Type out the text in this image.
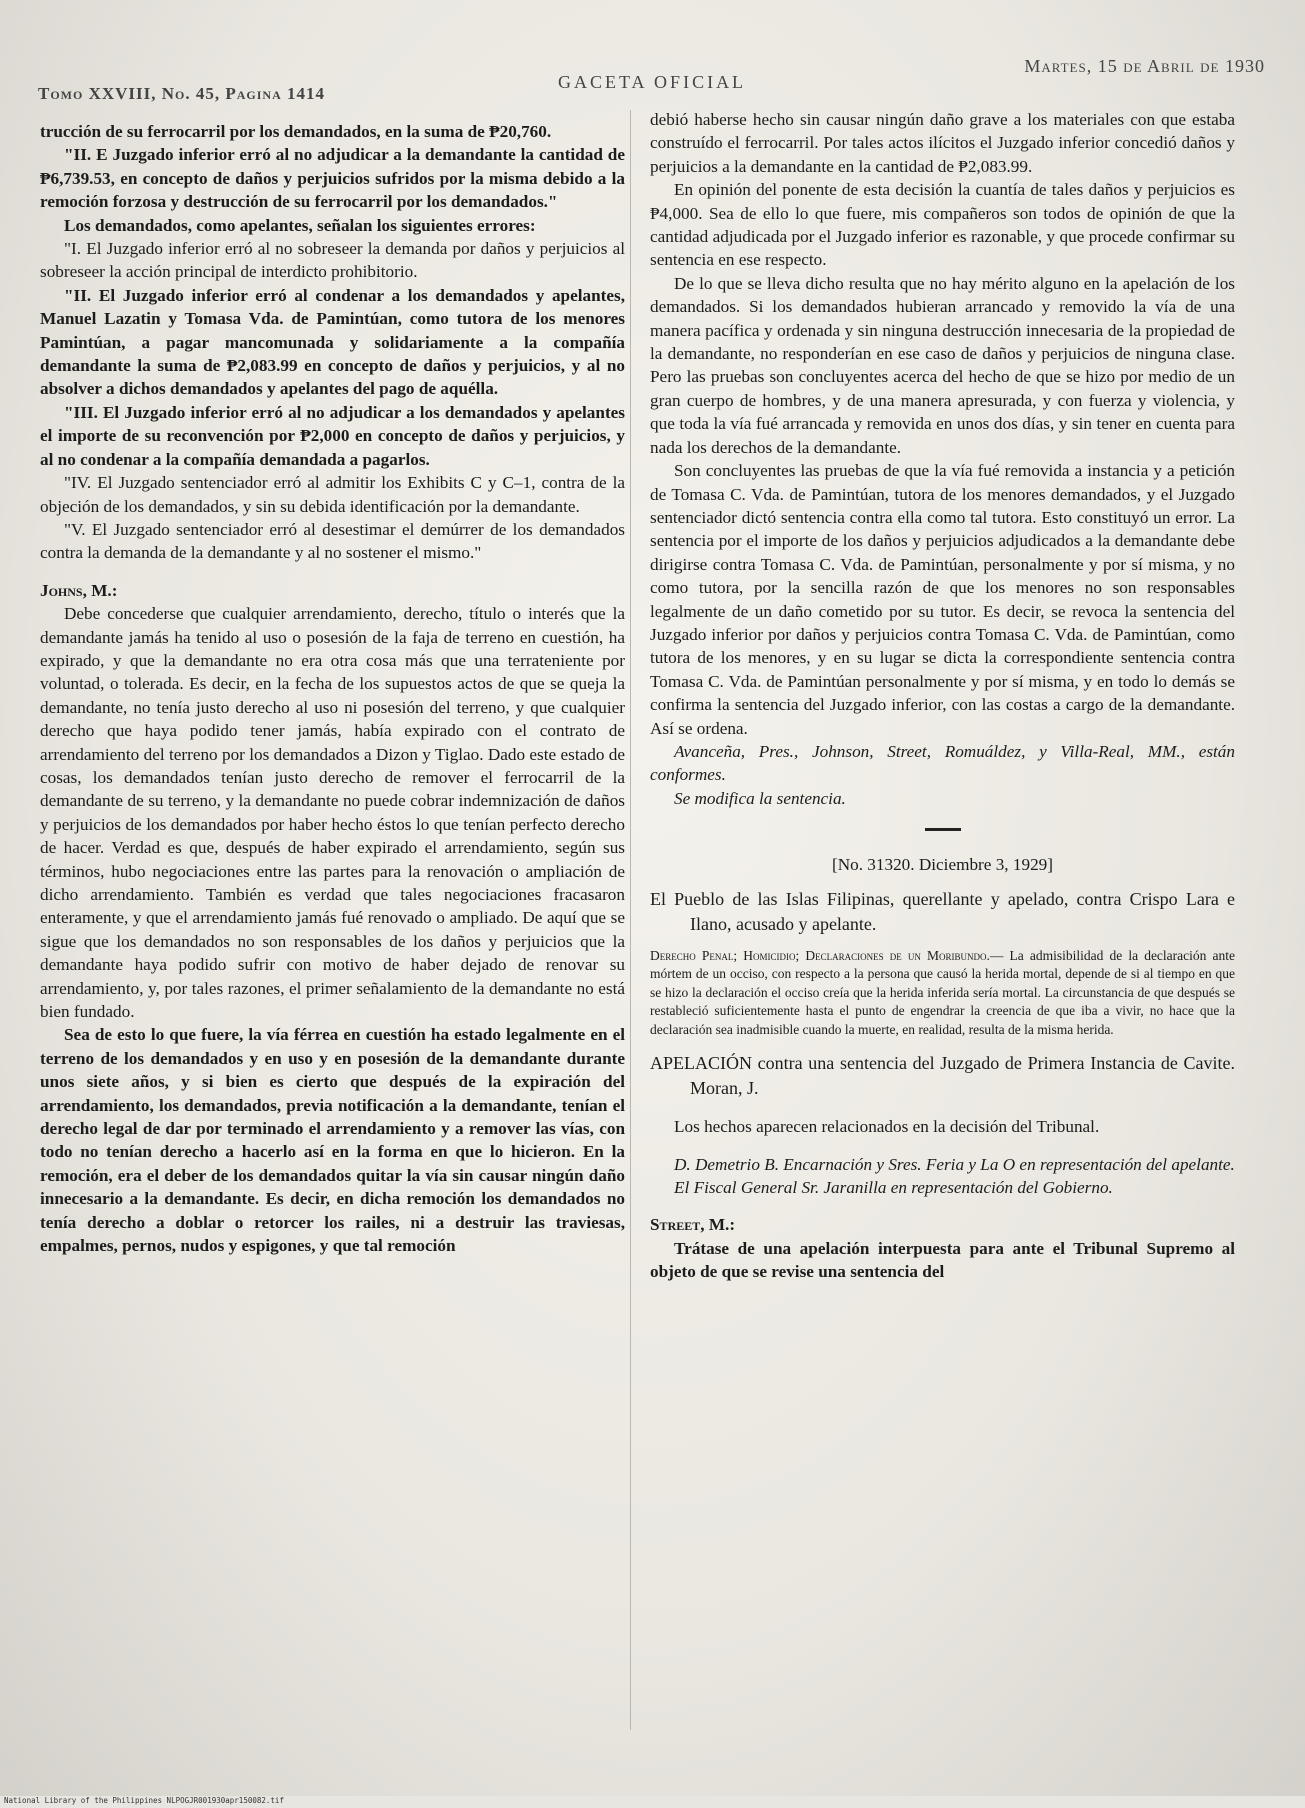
Tomo XXVIII, No. 45, Pagina 1414
GACETA OFICIAL
Martes, 15 de Abril de 1930

trucción de su ferrocarril por los demandados, en la suma de ₱20,760.

"II. E Juzgado inferior erró al no adjudicar a la demandante la cantidad de ₱6,739.53, en concepto de daños y perjuicios sufridos por la misma debido a la remoción forzosa y destrucción de su ferrocarril por los demandados."

Los demandados, como apelantes, señalan los siguientes errores:

"I. El Juzgado inferior erró al no sobreseer la demanda por daños y perjuicios al sobreseer la acción principal de interdicto prohibitorio.

"II. El Juzgado inferior erró al condenar a los demandados y apelantes, Manuel Lazatin y Tomasa Vda. de Pamintúan, como tutora de los menores Pamintúan, a pagar mancomunada y solidariamente a la compañía demandante la suma de ₱2,083.99 en concepto de daños y perjuicios, y al no absolver a dichos demandados y apelantes del pago de aquélla.

"III. El Juzgado inferior erró al no adjudicar a los demandados y apelantes el importe de su reconvención por ₱2,000 en concepto de daños y perjuicios, y al no condenar a la compañía demandada a pagarlos.

"IV. El Juzgado sentenciador erró al admitir los Exhibits C y C–1, contra de la objeción de los demandados, y sin su debida identificación por la demandante.

"V. El Juzgado sentenciador erró al desestimar el demúrrer de los demandados contra la demanda de la demandante y al no sostener el mismo."

Johns, M.:

Debe concederse que cualquier arrendamiento, derecho, título o interés que la demandante jamás ha tenido al uso o posesión de la faja de terreno en cuestión, ha expirado, y que la demandante no era otra cosa más que una terrateniente por voluntad, o tolerada. Es decir, en la fecha de los supuestos actos de que se queja la demandante, no tenía justo derecho al uso ni posesión del terreno, y que cualquier derecho que haya podido tener jamás, había expirado con el contrato de arrendamiento del terreno por los demandados a Dizon y Tiglao. Dado este estado de cosas, los demandados tenían justo derecho de remover el ferrocarril de la demandante de su terreno, y la demandante no puede cobrar indemnización de daños y perjuicios de los demandados por haber hecho éstos lo que tenían perfecto derecho de hacer. Verdad es que, después de haber expirado el arrendamiento, según sus términos, hubo negociaciones entre las partes para la renovación o ampliación de dicho arrendamiento. También es verdad que tales negociaciones fracasaron enteramente, y que el arrendamiento jamás fué renovado o ampliado. De aquí que se sigue que los demandados no son responsables de los daños y perjuicios que la demandante haya podido sufrir con motivo de haber dejado de renovar su arrendamiento, y, por tales razones, el primer señalamiento de la demandante no está bien fundado.

Sea de esto lo que fuere, la vía férrea en cuestión ha estado legalmente en el terreno de los demandados y en uso y en posesión de la demandante durante unos siete años, y si bien es cierto que después de la expiración del arrendamiento, los demandados, previa notificación a la demandante, tenían el derecho legal de dar por terminado el arrendamiento y a remover las vías, con todo no tenían derecho a hacerlo así en la forma en que lo hicieron. En la remoción, era el deber de los demandados quitar la vía sin causar ningún daño innecesario a la demandante. Es decir, en dicha remoción los demandados no tenía derecho a doblar o retorcer los railes, ni a destruir las traviesas, empalmes, pernos, nudos y espigones, y que tal remoción

debió haberse hecho sin causar ningún daño grave a los materiales con que estaba construído el ferrocarril. Por tales actos ilícitos el Juzgado inferior concedió daños y perjuicios a la demandante en la cantidad de ₱2,083.99.

En opinión del ponente de esta decisión la cuantía de tales daños y perjuicios es ₱4,000. Sea de ello lo que fuere, mis compañeros son todos de opinión de que la cantidad adjudicada por el Juzgado inferior es razonable, y que procede confirmar su sentencia en ese respecto.

De lo que se lleva dicho resulta que no hay mérito alguno en la apelación de los demandados. Si los demandados hubieran arrancado y removido la vía de una manera pacífica y ordenada y sin ninguna destrucción innecesaria de la propiedad de la demandante, no responderían en ese caso de daños y perjuicios de ninguna clase. Pero las pruebas son concluyentes acerca del hecho de que se hizo por medio de un gran cuerpo de hombres, y de una manera apresurada, y con fuerza y violencia, y que toda la vía fué arrancada y removida en unos dos días, y sin tener en cuenta para nada los derechos de la demandante.

Son concluyentes las pruebas de que la vía fué removida a instancia y a petición de Tomasa C. Vda. de Pamintúan, tutora de los menores demandados, y el Juzgado sentenciador dictó sentencia contra ella como tal tutora. Esto constituyó un error. La sentencia por el importe de los daños y perjuicios adjudicados a la demandante debe dirigirse contra Tomasa C. Vda. de Pamintúan, personalmente y por sí misma, y no como tutora, por la sencilla razón de que los menores no son responsables legalmente de un daño cometido por su tutor. Es decir, se revoca la sentencia del Juzgado inferior por daños y perjuicios contra Tomasa C. Vda. de Pamintúan, como tutora de los menores, y en su lugar se dicta la correspondiente sentencia contra Tomasa C. Vda. de Pamintúan personalmente y por sí misma, y en todo lo demás se confirma la sentencia del Juzgado inferior, con las costas a cargo de la demandante. Así se ordena.

Avanceña, Pres., Johnson, Street, Romuáldez, y Villa-Real, MM., están conformes.

Se modifica la sentencia.

[No. 31320. Diciembre 3, 1929]

El Pueblo de las Islas Filipinas, querellante y apelado, contra Crispo Lara e Ilano, acusado y apelante.

Derecho Penal; Homicidio; Declaraciones de un Moribundo.— La admisibilidad de la declaración ante mórtem de un occiso, con respecto a la persona que causó la herida mortal, depende de si al tiempo en que se hizo la declaración el occiso creía que la herida inferida sería mortal. La circunstancia de que después se restableció suficientemente hasta el punto de engendrar la creencia de que iba a vivir, no hace que la declaración sea inadmisible cuando la muerte, en realidad, resulta de la misma herida.

APELACIÓN contra una sentencia del Juzgado de Primera Instancia de Cavite. Moran, J.

Los hechos aparecen relacionados en la decisión del Tribunal.

D. Demetrio B. Encarnación y Sres. Feria y La O en representación del apelante.

El Fiscal General Sr. Jaranilla en representación del Gobierno.

Street, M.:

Trátase de una apelación interpuesta para ante el Tribunal Supremo al objeto de que se revise una sentencia del

National Library of the Philippines NLPOGJR001930apr150082.tif
